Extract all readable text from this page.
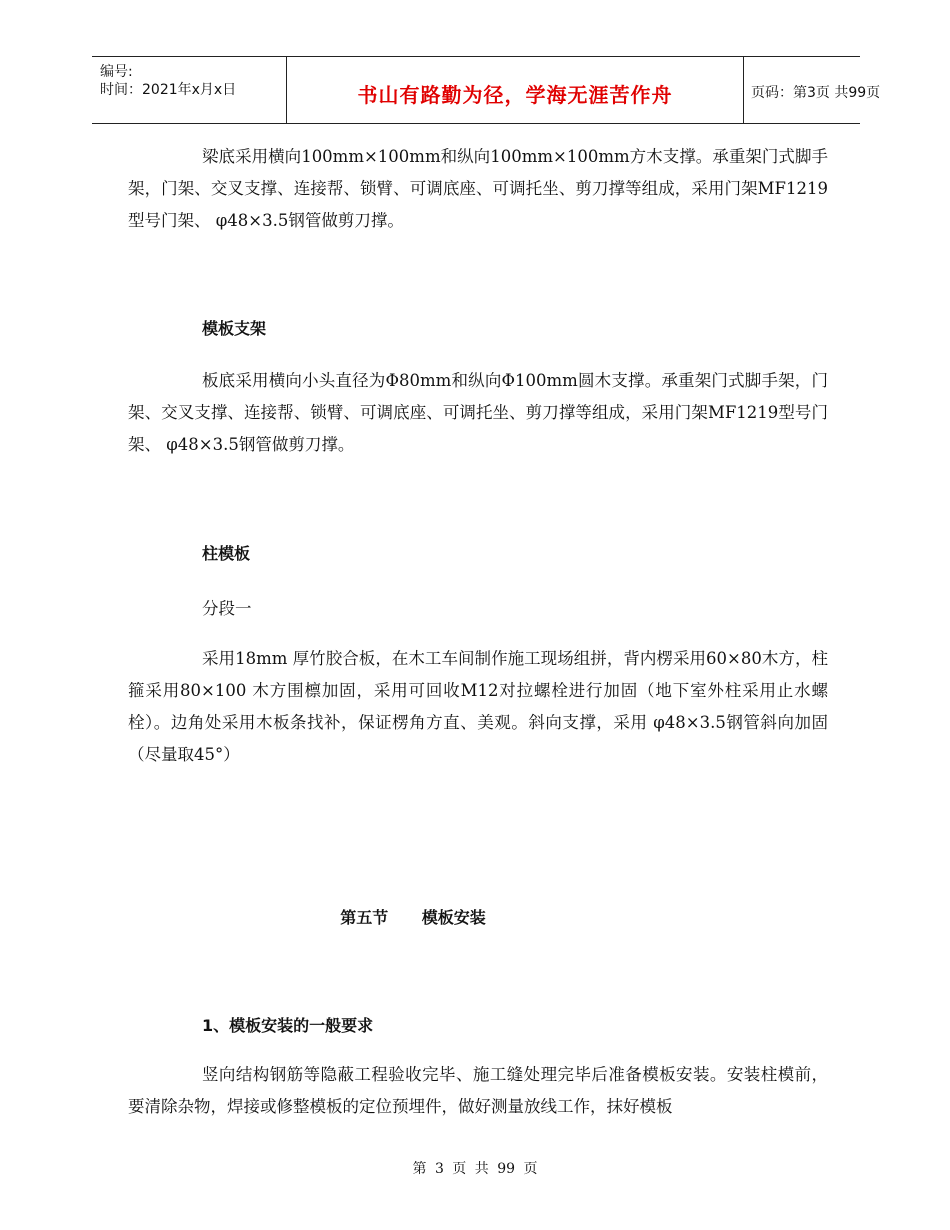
编号:
时间：2021年x月x日	书山有路勤为径，学海无涯苦作舟	页码：第3页 共99页

梁底采用横向100mm×100mm和纵向100mm×100mm方木支撑。承重架门式脚手架，门架、交叉支撑、连接帮、锁臂、可调底座、可调托坐、剪刀撑等组成，采用门架MF1219型号门架、 φ48×3.5钢管做剪刀撑。

模板支架

板底采用横向小头直径为Φ80mm和纵向Φ100mm圆木支撑。承重架门式脚手架，门架、交叉支撑、连接帮、锁臂、可调底座、可调托坐、剪刀撑等组成，采用门架MF1219型号门架、 φ48×3.5钢管做剪刀撑。

柱模板

分段一

采用18mm 厚竹胶合板，在木工车间制作施工现场组拼，背内楞采用60×80木方，柱箍采用80×100 木方围檩加固，采用可回收M12对拉螺栓进行加固（地下室外柱采用止水螺栓）。边角处采用木板条找补，保证楞角方直、美观。斜向支撑，采用 φ48×3.5钢管斜向加固（尽量取45°）

第五节 模板安装

1、模板安装的一般要求

竖向结构钢筋等隐蔽工程验收完毕、施工缝处理完毕后准备模板安装。安装柱模前，要清除杂物，焊接或修整模板的定位预埋件，做好测量放线工作，抹好模板

第 3 页 共 99 页
